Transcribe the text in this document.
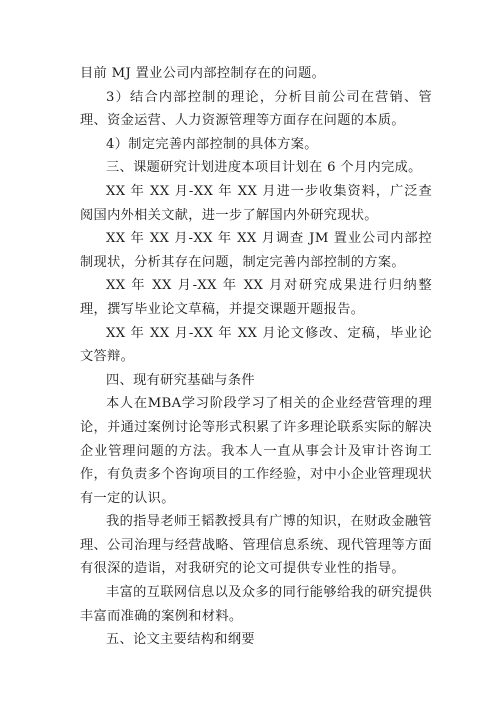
目前 MJ 置业公司内部控制存在的问题。

3）结合内部控制的理论，分析目前公司在营销、管理、资金运营、人力资源管理等方面存在问题的本质。

4）制定完善内部控制的具体方案。

三、课题研究计划进度本项目计划在 6 个月内完成。

XX 年 XX 月-XX 年 XX 月进一步收集资料，广泛查阅国内外相关文献，进一步了解国内外研究现状。

XX 年 XX 月-XX 年 XX 月调查 JM 置业公司内部控制现状，分析其存在问题，制定完善内部控制的方案。

XX 年 XX 月-XX 年 XX 月对研究成果进行归纳整理，撰写毕业论文草稿，并提交课题开题报告。

XX 年 XX 月-XX 年 XX 月论文修改、定稿，毕业论文答辩。

四、现有研究基础与条件

本人在MBA学习阶段学习了相关的企业经营管理的理论，并通过案例讨论等形式积累了许多理论联系实际的解决企业管理问题的方法。我本人一直从事会计及审计咨询工作，有负责多个咨询项目的工作经验，对中小企业管理现状有一定的认识。

我的指导老师王韬教授具有广博的知识，在财政金融管理、公司治理与经营战略、管理信息系统、现代管理等方面有很深的造诣，对我研究的论文可提供专业性的指导。

丰富的互联网信息以及众多的同行能够给我的研究提供丰富而准确的案例和材料。

五、论文主要结构和纲要
